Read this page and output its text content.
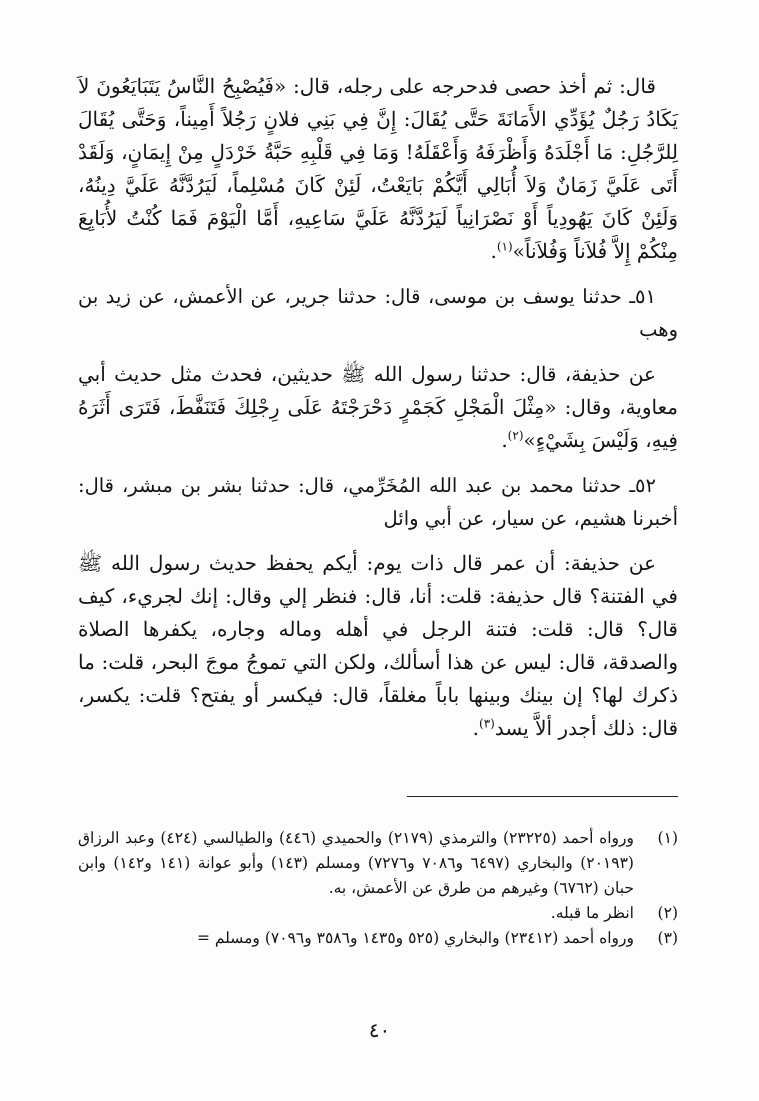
قال: ثم أخذ حصى فدحرجه على رجله، قال: «فَيُصْبِحُ النَّاسُ يَتَبَايَعُونَ لاَ يَكَادُ رَجُلٌ يُؤَدِّي الأَمَانَةَ حَتَّى يُقَالَ: إِنَّ فِي بَنِي فلانٍ رَجُلاً أَمِيناً، وَحَتَّى يُقَالَ لِلرَّجُلِ: مَا أَجْلَدَهُ وَأَظْرَفَهُ وَأَعْقَلَهُ! وَمَا فِي قَلْبِهِ حَبَّةُ خَرْدَلٍ مِنْ إِيمَانٍ، وَلَقَدْ أَتَى عَلَيَّ زَمَانٌ وَلاَ أُبَالِي أَيَّكُمْ بَايَعْتُ، لَئِنْ كَانَ مُسْلِماً، لَيَرُدَّنَّهُ عَلَيَّ دِينُهُ، وَلَئِنْ كَانَ يَهُودِياً أَوْ نَصْرَانِياً لَيَرُدَّنَّهُ عَلَيَّ سَاعِيهِ، أَمَّا الْيَوْمَ فَمَا كُنْتُ لأُبَايِعَ مِنْكُمْ إِلاَّ فُلاَناً وَفُلاَناً»$^{(١)}$.

٥١ـ حدثنا يوسف بن موسى، قال: حدثنا جرير، عن الأعمش، عن زيد بن وهب

عن حذيفة، قال: حدثنا رسول الله ﷺ حديثين، فحدث مثل حديث أبي معاوية، وقال: «مِثْلَ الْمَجْلِ كَجَمْرٍ دَحْرَجْتَهُ عَلَى رِجْلِكَ فَتَنَفَّطَ، فَتَرَى أَثَرَهُ فِيهِ، وَلَيْسَ بِشَيْءٍ»$^{(٢)}$.

٥٢ـ حدثنا محمد بن عبد الله المُخَرِّمي، قال: حدثنا بشر بن مبشر، قال: أخبرنا هشيم، عن سيار، عن أبي وائل

عن حذيفة: أن عمر قال ذات يوم: أيكم يحفظ حديث رسول الله ﷺ في الفتنة؟ قال حذيفة: قلت: أنا، قال: فنظر إلي وقال: إنك لجريء، كيف قال؟ قال: قلت: فتنة الرجل في أهله وماله وجاره، يكفرها الصلاة والصدقة، قال: ليس عن هذا أسألك، ولكن التي تموجُ موجَ البحر، قلت: ما ذكرك لها؟ إن بينك وبينها باباً مغلقاً، قال: فيكسر أو يفتح؟ قلت: يكسر، قال: ذلك أجدر ألاَّ يسد$^{(٣)}$.

(١)
ورواه أحمد (٢٣٢٢٥) والترمذي (٢١٧٩) والحميدي (٤٤٦) والطيالسي (٤٢٤) وعبد الرزاق (٢٠١٩٣) والبخاري (٦٤٩٧ و٧٠٨٦ و٧٢٧٦) ومسلم (١٤٣) وأبو عوانة (١٤١ و١٤٢) وابن حبان (٦٧٦٢) وغيرهم من طرق عن الأعمش، به.
(٢)
انظر ما قبله.
(٣)
ورواه أحمد (٢٣٤١٢) والبخاري (٥٢٥ و١٤٣٥ و٣٥٨٦ و٧٠٩٦) ومسلم =
٤٠
